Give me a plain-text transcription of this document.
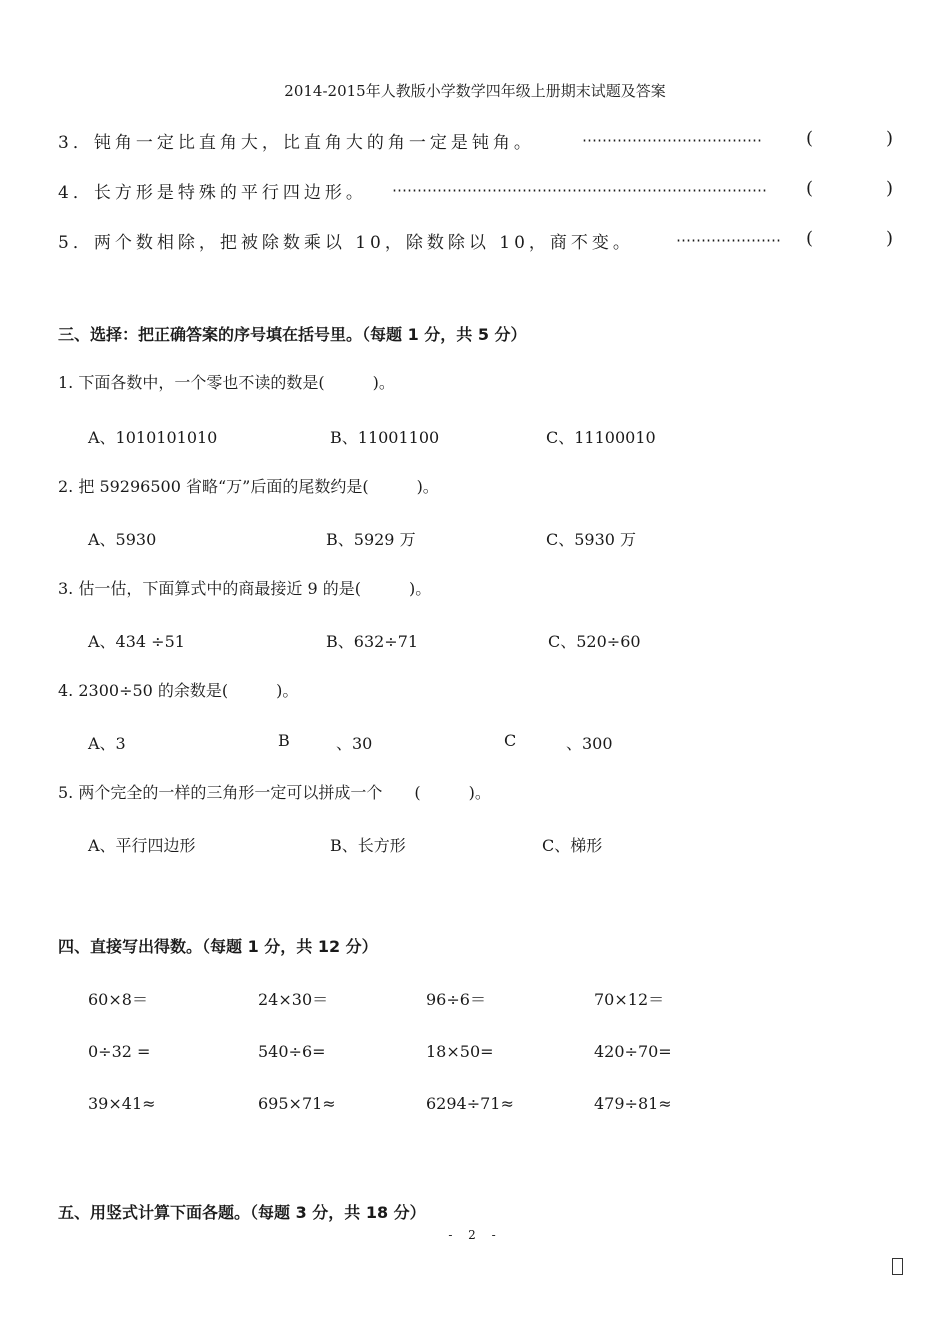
2014-2015年人教版小学数学四年级上册期末试题及答案
3．钝角一定比直角大，比直角大的角一定是钝角。	⋯⋯⋯⋯⋯⋯⋯⋯⋯⋯⋯⋯ (	)
4．长方形是特殊的平行四边形。 ⋯⋯⋯⋯⋯⋯⋯⋯⋯⋯⋯⋯⋯⋯⋯⋯⋯⋯⋯⋯⋯⋯⋯⋯⋯ (	)
5．两个数相除，把被除数乘以 10，除数除以 10，商不变。	⋯⋯⋯⋯⋯⋯⋯ (	)
三、选择：把正确答案的序号填在括号里。（每题 1 分，共 5 分）
1. 下面各数中，一个零也不读的数是(　　　)。
A、1010101010	B、11001100	C、11100010
2. 把 59296500 省略“万”后面的尾数约是(　　　)。
A、5930	B、5929 万	C、5930 万
3. 估一估，下面算式中的商最接近 9 的是(　　　)。
A、434 ÷51	B、632÷71	C、520÷60
4. 2300÷50 的余数是(　　　)。
A、3	B	、30	C	、300
5. 两个完全的一样的三角形一定可以拼成一个　　(　　　)。
A、平行四边形	B、长方形	C、梯形
四、直接写出得数。（每题 1 分，共 12 分）
60×8＝	24×30＝	96÷6＝	70×12＝
0÷32 =	540÷6=	18×50=	420÷70=
39×41≈	695×71≈	6294÷71≈	479÷81≈
五、用竖式计算下面各题。（每题 3 分，共 18 分）
- 2 -
